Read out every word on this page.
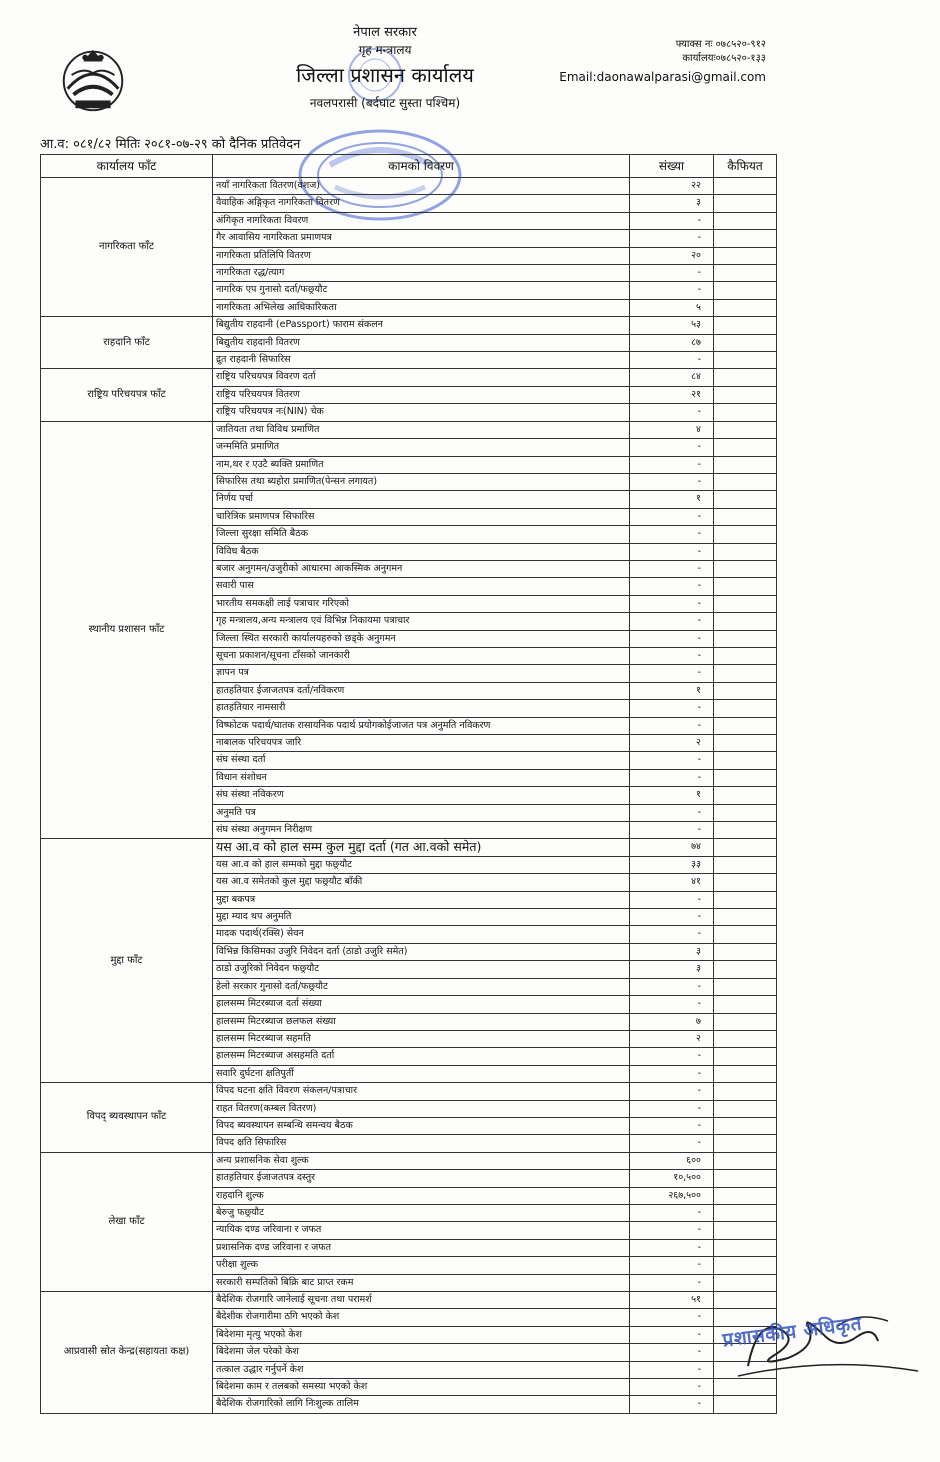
नेपाल सरकार
गृह मन्त्रालय
जिल्ला प्रशासन कार्यालय
नवलपरासी (बर्दघाट सुस्ता पश्चिम)
फ्याक्स नः ०७८५२०-९१२
कार्यालयः०७८५२०-१३३
Email:daonawalparasi@gmail.com
आ.व: ०८१/८२ मितिः २०८१-०७-२९ को दैनिक प्रतिवेदन
कार्यालय फाँट	कामको विवरण	संख्या	कैफियत
नागरिकता फाँट	नयाँ नागरिकता वितरण(वंशज)	२२	
	वैवाहिक अङ्गिकृत नागरिकता वितरण	३	
	अंगिकृत नागरिकता विवरण	-	
	गैर आवासिय नागरिकता प्रमाणपत्र	-	
	नागरिकता प्रतिलिपि वितरण	२०	
	नागरिकता रद्ध/त्याग	-	
	नागरिक एप गुनासो दर्ता/फछ्र्यौट	-	
	नागरिकता अभिलेख आधिकारिकता	५	
राहदानि फाँट	बिद्युतीय राहदानी (ePassport) फाराम संकलन	५३	
	बिद्युतीय राहदानी वितरण	८७	
	द्रुत राहदानी सिफारिस	-	
राष्ट्रिय परिचयपत्र फाँट	राष्ट्रिय परिचयपत्र विवरण दर्ता	८४	
	राष्ट्रिय परिचयपत्र वितरण	२१	
	राष्ट्रिय परिचयपत्र नः(NIN) चेक	-	
स्थानीय प्रशासन फाँट	जातियता तथा विविध प्रमाणित	४	
	जन्ममिति प्रमाणित	-	
	नाम,थर र एउटै ब्यक्ति प्रमाणित	-	
	सिफारिस तथा ब्यहोरा प्रमाणित(पेन्सन लगायत)	-	
	निर्णय पर्चा	१	
	चारित्रिक प्रमाणपत्र सिफारिस	-	
	जिल्ला सुरक्षा समिति बैठक	-	
	विविध बैठक	-	
	बजार अनुगमन/उजुरीको आधारमा आकस्मिक अनुगमन	-	
	सवारी पास	-	
	भारतीय समकक्षी लाई पत्राचार गरिएको	-	
	गृह मन्त्रालय,अन्य मन्त्रालय एवं विभिन्न निकायमा पत्राचार	-	
	जिल्ला स्थित सरकारी कार्यालयहरुको छड्के अनुगमन	-	
	सूचना प्रकाशन/सूचना टाँसको जानकारी	-	
	ज्ञापन पत्र	-	
	हातहतियार ईजाजतपत्र दर्ता/नविकरण	१	
	हातहतियार नामसारी	-	
	विष्फोटक पदार्थ/घातक रासायनिक पदार्थ प्रयोगकोईजाजत पत्र अनुमति नविकरण	-	
	नाबालक परिचयपत्र जारि	२	
	संघ संस्था दर्ता	-	
	विधान संशोधन	-	
	संघ संस्था नविकरण	१	
	अनुमति पत्र	-	
	संघ संस्था अनुगमन निरीक्षण	-	
मुद्दा फाँट	यस आ.व को हाल सम्म कुल मुद्दा दर्ता (गत आ.वको समेत)	७४	
	यस आ.व को हाल सम्मको मुद्दा फछ्र्यौट	३३	
	यस आ.व समेतको कुल मुद्दा फछ्र्यौट बाँकी	४१	
	मुद्दा बकपत्र	-	
	मुद्दा म्याद थप अनुमति	-	
	मादक पदार्थ(रक्सि) सेवन	-	
	विभिन्न किसिमका उजुरि निवेदन दर्ता (ठाडो उजुरि समेत)	३	
	ठाडो उजुरिको निवेदन फछ्र्यौट	३	
	हेलो सरकार गुनासो दर्ता/फछ्र्यौट	-	
	हालसम्म मिटरब्याज दर्ता संख्या	-	
	हालसम्म मिटरब्याज छलफल संख्या	७	
	हालसम्म मिटरब्याज सहमति	२	
	हालसम्म मिटरब्याज असहमति दर्ता	-	
	सवारि दुर्घटना क्षतिपुर्ती	-	
विपद् ब्यवस्थापन फाँट	विपद घटना क्षति विवरण संकलन/पत्राचार	-	
	राहत वितरण(कम्बल वितरण)	-	
	विपद ब्यवस्थापन सम्बन्धि समन्वय बैठक	-	
	विपद क्षति सिफारिस	-	
लेखा फाँट	अन्य प्रशासनिक सेवा शुल्क	६००	
	हातहतियार ईजाजतपत्र दस्तुर	१०,५००	
	राहदानि शुल्क	२६७,५००	
	बेरुजु फछ्र्यौट	-	
	न्यायिक दण्ड जरिवाना र जफत	-	
	प्रशासनिक दण्ड जरिवाना र जफत	-	
	परीक्षा शुल्क	-	
	सरकारी सम्पतिको बिक्रि बाट प्राप्त रकम	-	
आप्रवासी स्रोत केन्द्र(सहायता कक्ष)	बैदेशिक रोजगारि जानेलाई सूचना तथा परामर्श	५१	
	बैदेशीक रोजगारीमा ठगि भएको केश	-	
	बिदेशमा मृत्यु भएको केश	-	
	बिदेशमा जेल परेको केश	-	
	तत्काल उद्धार गर्नुपर्ने केश	-	
	बिदेशमा काम र तलबको समस्या भएको केश	-	
	बैदेशिक रोजगारिको लागि निःशुल्क तालिम	-	
प्रशासकीय अधिकृत
